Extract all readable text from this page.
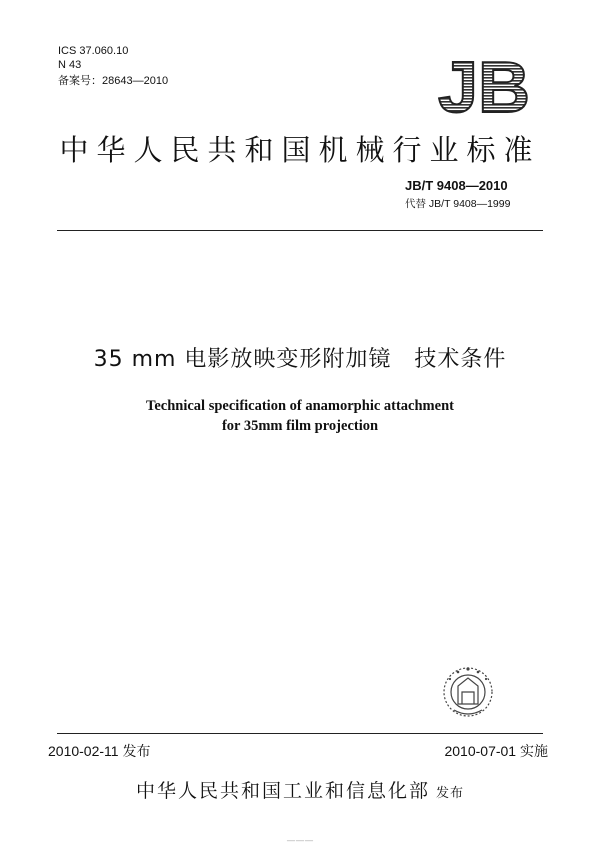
ICS 37.060.10
N 43
备案号：28643—2010	JB
中华人民共和国机械行业标准
JB/T 9408—2010
代替 JB/T 9408—1999
35 mm 电影放映变形附加镜　技术条件
Technical specification of anamorphic attachment
for 35mm film projection
2010-02-11 发布	2010-07-01 实施
中华人民共和国工业和信息化部 发布
———
